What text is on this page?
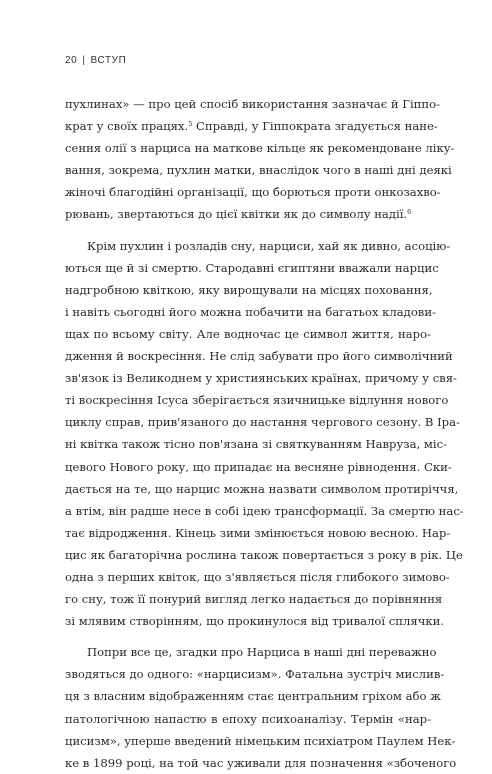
20 | ВСТУП
пухлинах» — про цей спосіб використання зазначає й Гіппо-
крат у своїх працях.$^5$ Справді, у Гіппократа згадується нане-
сення олії з нарциса на маткове кільце як рекомендоване ліку-
вання, зокрема, пухлин матки, внаслідок чого в наші дні деякі
жіночі благодійні організації, що борються проти онкозахво-
рювань, звертаються до цієї квітки як до символу надії.$^6$
Крім пухлин і розладів сну, нарциси, хай як дивно, асоцію-
ються ще й зі смертю. Стародавні єгиптяни вважали нарцис
надгробною квіткою, яку вирощували на місцях поховання,
і навіть сьогодні його можна побачити на багатьох кладови-
щах по всьому світу. Але водночас це символ життя, наро-
дження й воскресіння. Не слід забувати про його символічний
зв'язок із Великоднем у християнських країнах, причому у свя-
ті воскресіння Ісуса зберігається язичницьке відлуння нового
циклу справ, прив'язаного до настання чергового сезону. В Іра-
ні квітка також тісно пов'язана зі святкуванням Навруза, міс-
цевого Нового року, що припадає на весняне рівнодення. Ски-
дається на те, що нарцис можна назвати символом протиріччя,
а втім, він радше несе в собі ідею трансформації. За смертю нас-
тає відродження. Кінець зими змінюється новою весною. Нар-
цис як багаторічна рослина також повертається з року в рік. Це
одна з перших квіток, що з'являється після глибокого зимово-
го сну, тож її понурий вигляд легко надається до порівняння
зі млявим створінням, що прокинулося від тривалої сплячки.
Попри все це, згадки про Нарциса в наші дні переважно
зводяться до одного: «нарцисизм». Фатальна зустріч мислив-
ця з власним відображенням стає центральним гріхом або ж
патологічною напастю в епоху психоаналізу. Термін «нар-
цисизм», уперше введений німецьким психіатром Паулем Нек-
ке в 1899 році, на той час уживали для позначення «збоченого
